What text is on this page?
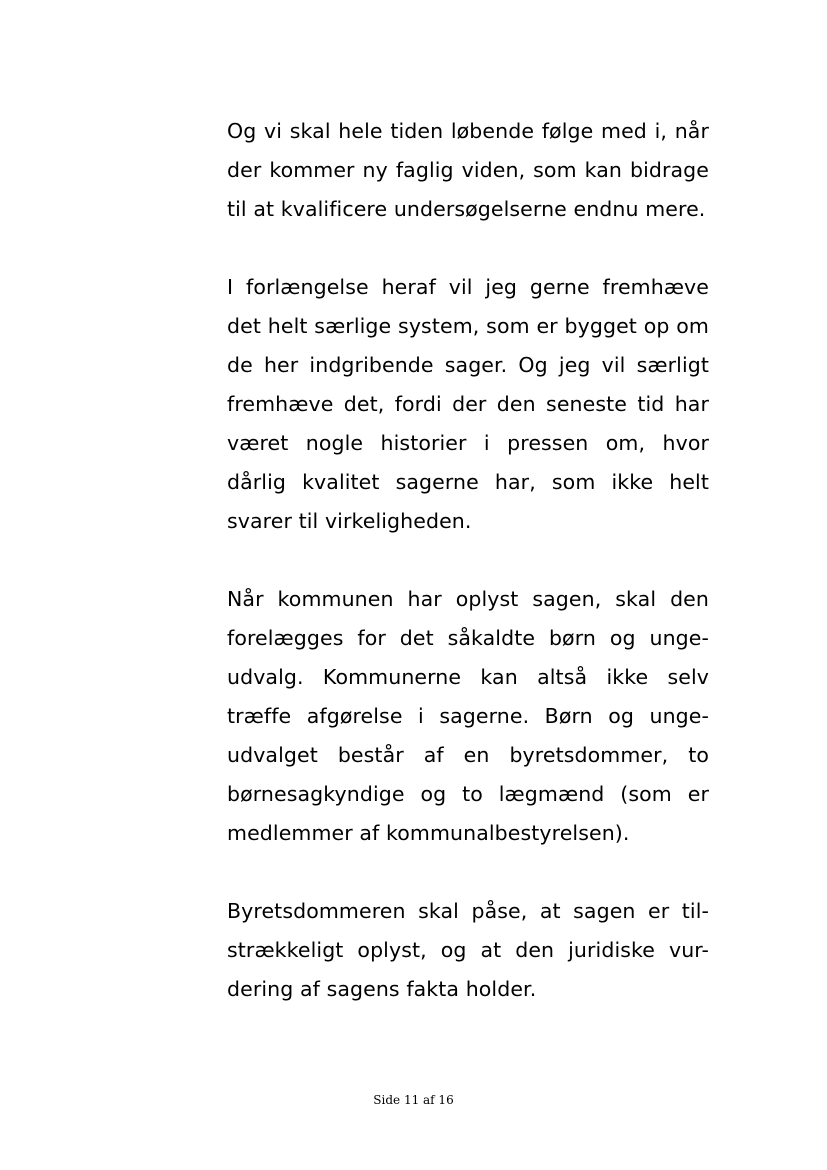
Og vi skal hele tiden løbende følge med i, når der kommer ny faglig viden, som kan bidrage til at kvalificere undersøgelserne endnu mere.

I forlængelse heraf vil jeg gerne fremhæve det helt særlige system, som er bygget op om de her indgribende sager. Og jeg vil særligt fremhæve det, fordi der den seneste tid har været nogle historier i pressen om, hvor dårlig kvalitet sagerne har, som ikke helt svarer til virkeligheden.

Når kommunen har oplyst sagen, skal den forelægges for det såkaldte børn og unge-udvalg. Kommunerne kan altså ikke selv træffe afgørelse i sagerne. Børn og unge-udvalget består af en byretsdommer, to børnesagkyndige og to lægmænd (som er medlemmer af kommunalbestyrelsen).

Byretsdommeren skal påse, at sagen er til-strækkeligt oplyst, og at den juridiske vur-dering af sagens fakta holder.

Side 11 af 16
